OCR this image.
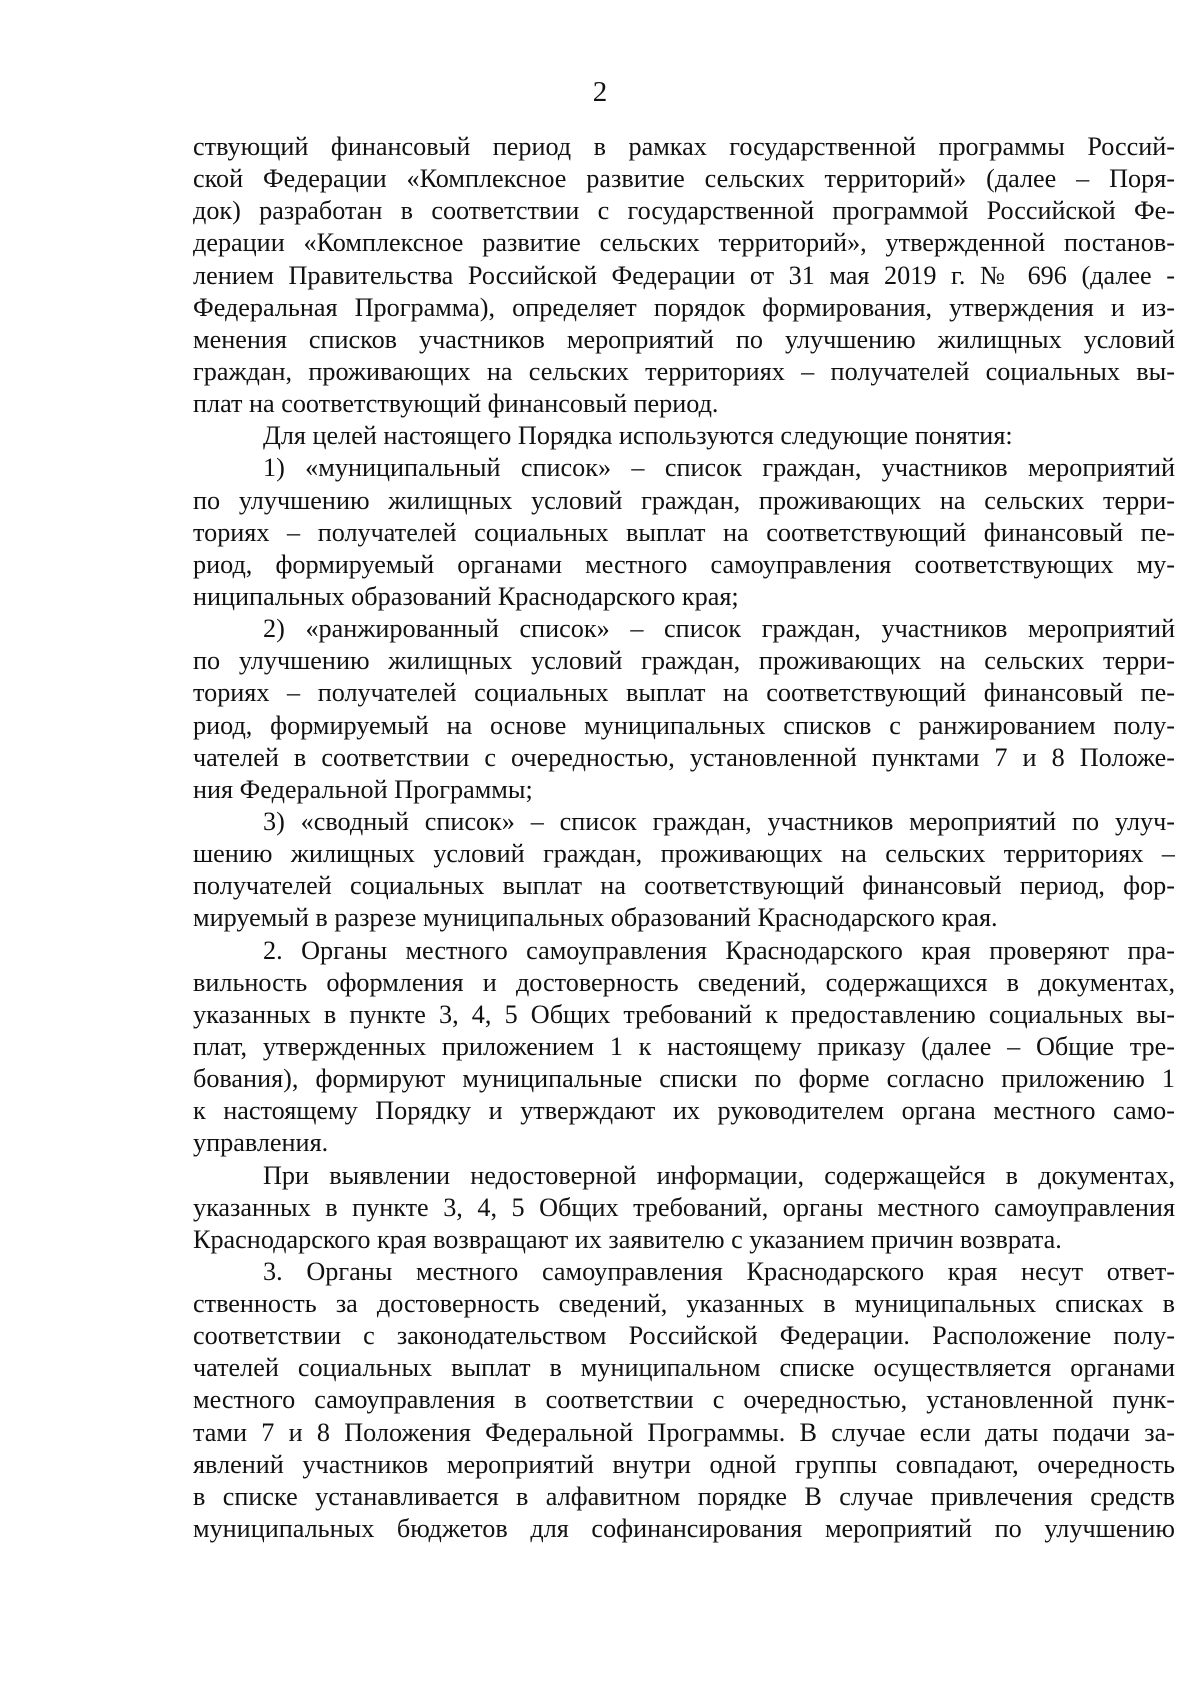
2

ствующий финансовый период в рамках государственной программы Россий-
ской Федерации «Комплексное развитие сельских территорий» (далее – Поря-
док) разработан в соответствии с государственной программой Российской Фе-
дерации «Комплексное развитие сельских территорий», утвержденной постанов-
лением Правительства Российской Федерации от 31 мая 2019 г. № 696 (далее -
Федеральная Программа), определяет порядок формирования, утверждения и из-
менения списков участников мероприятий по улучшению жилищных условий
граждан, проживающих на сельских территориях – получателей социальных вы-
плат на соответствующий финансовый период.

Для целей настоящего Порядка используются следующие понятия:

1) «муниципальный список» – список граждан, участников мероприятий
по улучшению жилищных условий граждан, проживающих на сельских терри-
ториях – получателей социальных выплат на соответствующий финансовый пе-
риод, формируемый органами местного самоуправления соответствующих му-
ниципальных образований Краснодарского края;

2) «ранжированный список» – список граждан, участников мероприятий
по улучшению жилищных условий граждан, проживающих на сельских терри-
ториях – получателей социальных выплат на соответствующий финансовый пе-
риод, формируемый на основе муниципальных списков с ранжированием полу-
чателей в соответствии с очередностью, установленной пунктами 7 и 8 Положе-
ния Федеральной Программы;

3) «сводный список» – список граждан, участников мероприятий по улуч-
шению жилищных условий граждан, проживающих на сельских территориях –
получателей социальных выплат на соответствующий финансовый период, фор-
мируемый в разрезе муниципальных образований Краснодарского края.

2. Органы местного самоуправления Краснодарского края проверяют пра-
вильность оформления и достоверность сведений, содержащихся в документах,
указанных в пункте 3, 4, 5 Общих требований к предоставлению социальных вы-
плат, утвержденных приложением 1 к настоящему приказу (далее – Общие тре-
бования), формируют муниципальные списки по форме согласно приложению 1
к настоящему Порядку и утверждают их руководителем органа местного само-
управления.

При выявлении недостоверной информации, содержащейся в документах,
указанных в пункте 3, 4, 5 Общих требований, органы местного самоуправления
Краснодарского края возвращают их заявителю с указанием причин возврата.

3. Органы местного самоуправления Краснодарского края несут ответ-
ственность за достоверность сведений, указанных в муниципальных списках в
соответствии с законодательством Российской Федерации. Расположение полу-
чателей социальных выплат в муниципальном списке осуществляется органами
местного самоуправления в соответствии с очередностью, установленной пунк-
тами 7 и 8 Положения Федеральной Программы. В случае если даты подачи за-
явлений участников мероприятий внутри одной группы совпадают, очередность
в списке устанавливается в алфавитном порядке В случае привлечения средств
муниципальных бюджетов для софинансирования мероприятий по улучшению
